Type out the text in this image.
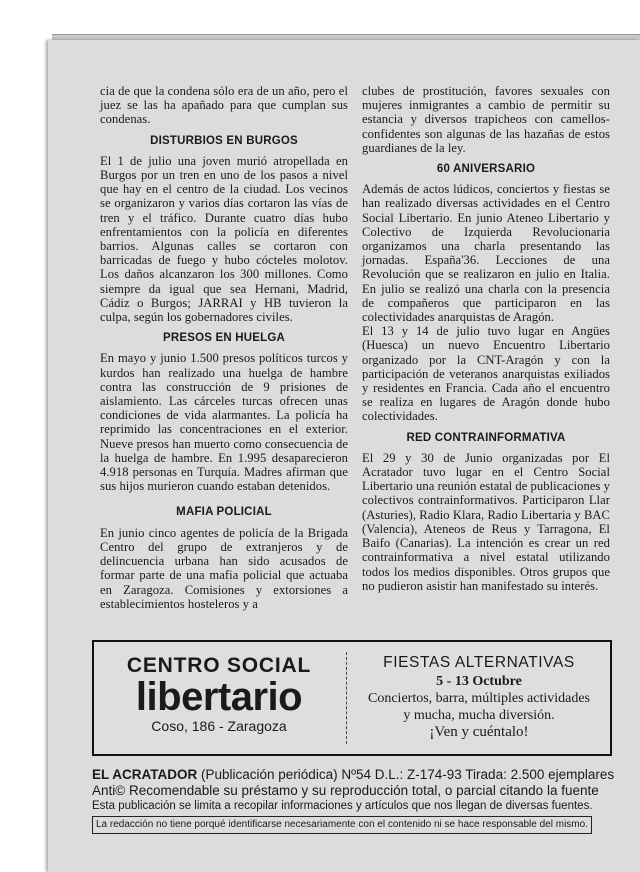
cia de que la condena sólo era de un año, pero el juez se las ha apañado para que cumplan sus condenas.

DISTURBIOS EN BURGOS

El 1 de julio una joven murió atropellada en Burgos por un tren en uno de los pasos a nivel que hay en el centro de la ciudad. Los vecinos se organizaron y varios días cortaron las vías de tren y el tráfico. Durante cuatro días hubo enfrentamientos con la policía en diferentes barrios. Algunas calles se cortaron con barricadas de fuego y hubo cócteles molotov. Los daños alcanzaron los 300 millones. Como siempre da igual que sea Hernani, Madrid, Cádiz o Burgos; JARRAI y HB tuvieron la culpa, según los gobernadores civiles.

PRESOS EN HUELGA

En mayo y junio 1.500 presos políticos turcos y kurdos han realizado una huelga de hambre contra las construcción de 9 prisiones de aislamiento. Las cárceles turcas ofrecen unas condiciones de vida alarmantes. La policía ha reprimido las concentraciones en el exterior. Nueve presos han muerto como consecuencia de la huelga de hambre. En 1.995 desaparecieron 4.918 personas en Turquía. Madres afirman que sus hijos murieron cuando estaban detenidos.

MAFIA POLICIAL

En junio cinco agentes de policía de la Brigada Centro del grupo de extranjeros y de delincuencia urbana han sido acusados de formar parte de una mafia policial que actuaba en Zaragoza. Comisiones y extorsiones a establecimientos hosteleros y a

clubes de prostitución, favores sexuales con mujeres inmigrantes a cambio de permitir su estancia y diversos trapicheos con camellos-confidentes son algunas de las hazañas de estos guardianes de la ley.

60 ANIVERSARIO

Además de actos lúdicos, conciertos y fiestas se han realizado diversas actividades en el Centro Social Libertario. En junio Ateneo Libertario y Colectivo de Izquierda Revolucionaria organizamos una charla presentando las jornadas. España'36. Lecciones de una Revolución que se realizaron en julio en Italia. En julio se realizó una charla con la presencia de compañeros que participaron en las colectividades anarquistas de Aragón.

El 13 y 14 de julio tuvo lugar en Angües (Huesca) un nuevo Encuentro Libertario organizado por la CNT-Aragón y con la participación de veteranos anarquistas exiliados y residentes en Francia. Cada año el encuentro se realiza en lugares de Aragón donde hubo colectividades.

RED CONTRAINFORMATIVA

El 29 y 30 de Junio organizadas por El Acratador tuvo lugar en el Centro Social Libertario una reunión estatal de publicaciones y colectivos contrainformativos. Participaron Llar (Asturies), Radio Klara, Radio Libertaria y BAC (Valencia), Ateneos de Reus y Tarragona, El Baifo (Canarias). La intención es crear un red contrainformativa a nivel estatal utilizando todos los medios disponibles. Otros grupos que no pudieron asistir han manifestado su interés.

CENTRO SOCIAL
libertario
Coso, 186 - Zaragoza
FIESTAS ALTERNATIVAS
5 - 13 Octubre
Conciertos, barra, múltiples actividades
y mucha, mucha diversión.
¡Ven y cuéntalo!
EL ACRATADOR (Publicación periódica) Nº54 D.L.: Z-174-93 Tirada: 2.500 ejemplares
Anti© Recomendable su préstamo y su reproducción total, o parcial citando la fuente
Esta publicación se limita a recopilar informaciones y artículos que nos llegan de diversas fuentes.
La redacción no tiene porqué identificarse necesariamente con el contenido ni se hace responsable del mismo.
